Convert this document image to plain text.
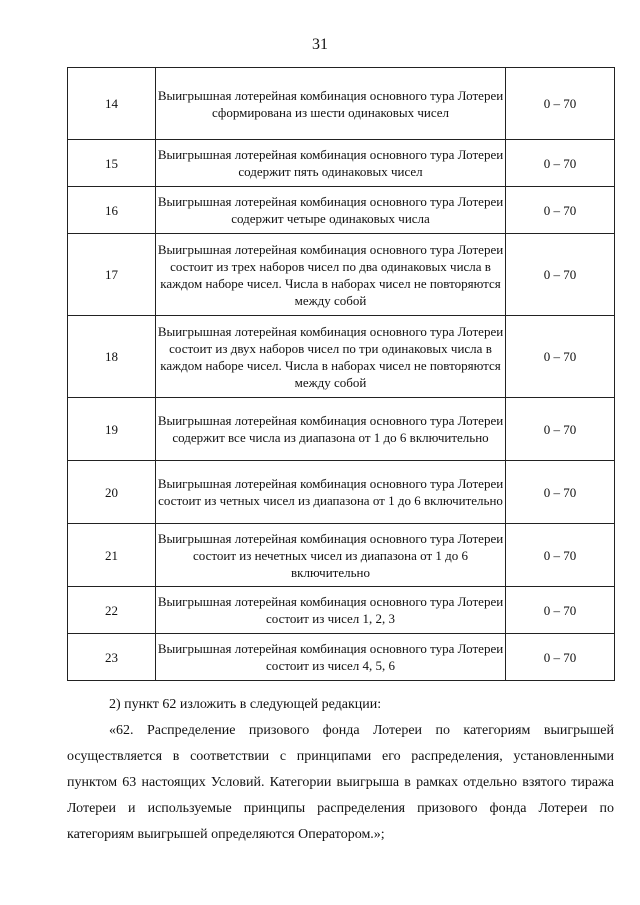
31
14	Выигрышная лотерейная комбинация основного тура Лотереи сформирована из шести одинаковых чисел	0 – 70
15	Выигрышная лотерейная комбинация основного тура Лотереи содержит пять одинаковых чисел	0 – 70
16	Выигрышная лотерейная комбинация основного тура Лотереи содержит четыре одинаковых числа	0 – 70
17	Выигрышная лотерейная комбинация основного тура Лотереи состоит из трех наборов чисел по два одинаковых числа в каждом наборе чисел. Числа в наборах чисел не повторяются между собой	0 – 70
18	Выигрышная лотерейная комбинация основного тура Лотереи состоит из двух наборов чисел по три одинаковых числа в каждом наборе чисел. Числа в наборах чисел не повторяются между собой	0 – 70
19	Выигрышная лотерейная комбинация основного тура Лотереи содержит все числа из диапазона от 1 до 6 включительно	0 – 70
20	Выигрышная лотерейная комбинация основного тура Лотереи состоит из четных чисел из диапазона от 1 до 6 включительно	0 – 70
21	Выигрышная лотерейная комбинация основного тура Лотереи состоит из нечетных чисел из диапазона от 1 до 6 включительно	0 – 70
22	Выигрышная лотерейная комбинация основного тура Лотереи состоит из чисел 1, 2, 3	0 – 70
23	Выигрышная лотерейная комбинация основного тура Лотереи состоит из чисел 4, 5, 6	0 – 70

2) пункт 62 изложить в следующей редакции:

«62. Распределение призового фонда Лотереи по категориям выигрышей осуществляется в соответствии с принципами его распределения, установленными пунктом 63 настоящих Условий. Категории выигрыша в рамках отдельно взятого тиража Лотереи и используемые принципы распределения призового фонда Лотереи по категориям выигрышей определяются Оператором.»;
